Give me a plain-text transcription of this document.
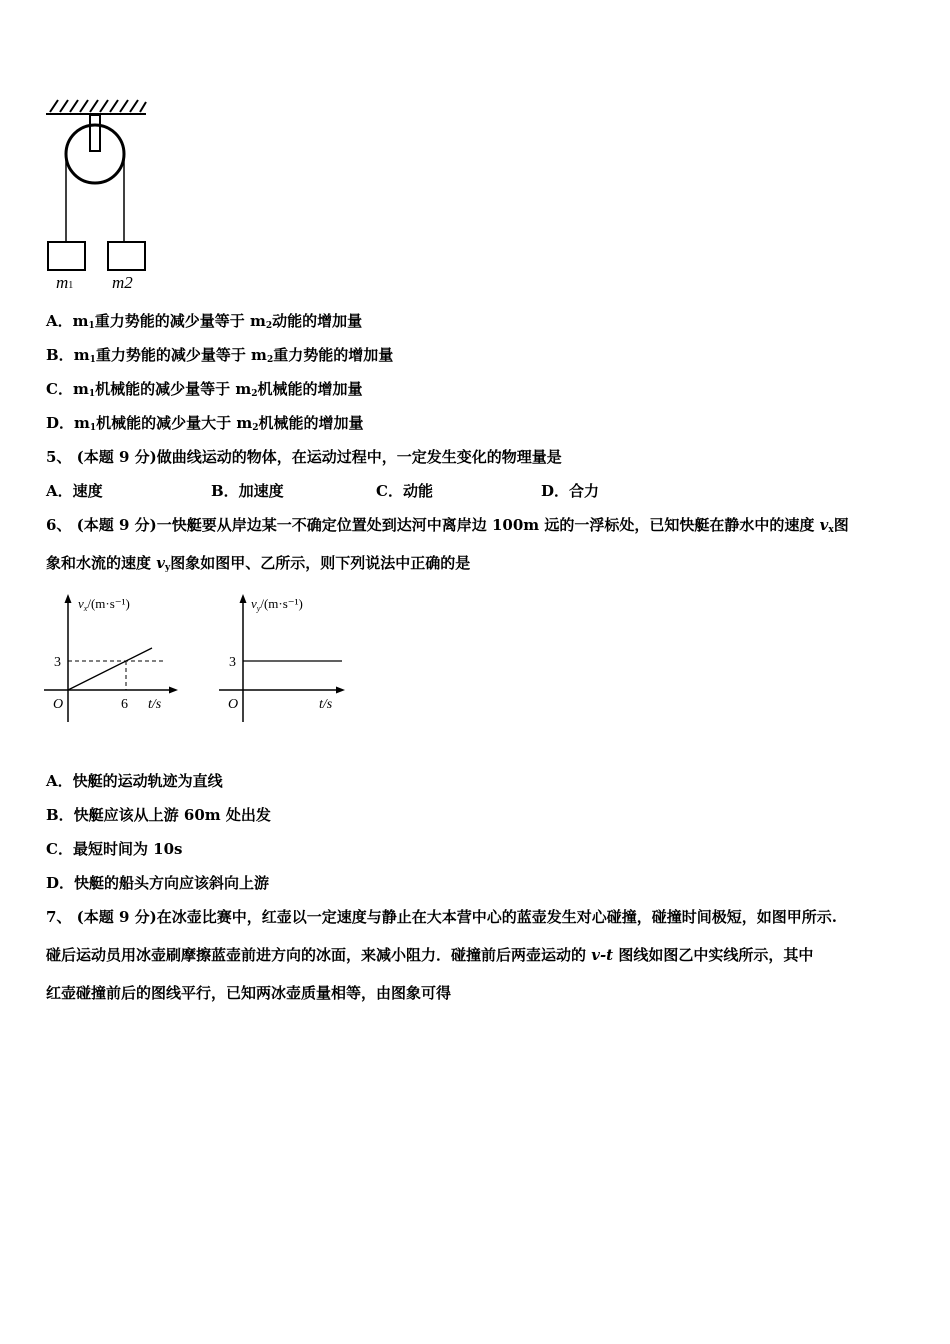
m1 m2
A．$m_1$重力势能的减少量等于 $m_2$动能的增加量
B．$m_1$重力势能的减少量等于 $m_2$重力势能的增加量
C．$m_1$机械能的减少量等于 $m_2$机械能的增加量
D．$m_1$机械能的减少量大于 $m_2$机械能的增加量
5、 (本题 9 分)做曲线运动的物体，在运动过程中，一定发生变化的物理量是
A．速度	B．加速度	C．动能	D．合力
6、 (本题 9 分)一快艇要从岸边某一不确定位置处到达河中离岸边 100m 远的一浮标处，已知快艇在静水中的速度 $v_x$图
象和水流的速度 $v_y$图象如图甲、乙所示，则下列说法中正确的是
$v_x/(m\cdot s^{-1})$
3
6
O	t/s
$v_y/(m\cdot s^{-1})$
3
O	t/s
A．快艇的运动轨迹为直线
B．快艇应该从上游 60m 处出发
C．最短时间为 10s
D．快艇的船头方向应该斜向上游
7、 (本题 9 分)在冰壶比赛中，红壶以一定速度与静止在大本营中心的蓝壶发生对心碰撞，碰撞时间极短，如图甲所示.
碰后运动员用冰壶刷摩擦蓝壶前进方向的冰面，来减小阻力．碰撞前后两壶运动的 v-t 图线如图乙中实线所示，其中
红壶碰撞前后的图线平行，已知两冰壶质量相等，由图象可得
